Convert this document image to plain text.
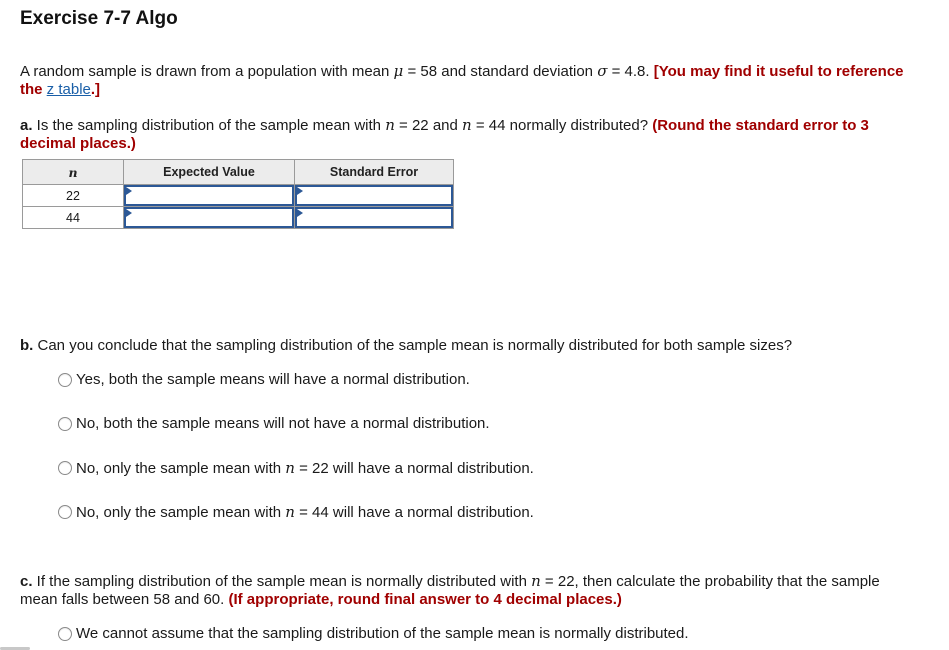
Exercise 7-7 Algo
A random sample is drawn from a population with mean μ = 58 and standard deviation σ = 4.8. [You may find it useful to reference the z table.]
a. Is the sampling distribution of the sample mean with n = 22 and n = 44 normally distributed? (Round the standard error to 3 decimal places.)
n	Expected Value	Standard Error
22	

44	

b. Can you conclude that the sampling distribution of the sample mean is normally distributed for both sample sizes?
Yes, both the sample means will have a normal distribution.
No, both the sample means will not have a normal distribution.
No, only the sample mean with n = 22 will have a normal distribution.
No, only the sample mean with n = 44 will have a normal distribution.
c. If the sampling distribution of the sample mean is normally distributed with n = 22, then calculate the probability that the sample mean falls between 58 and 60. (If appropriate, round final answer to 4 decimal places.)
We cannot assume that the sampling distribution of the sample mean is normally distributed.
